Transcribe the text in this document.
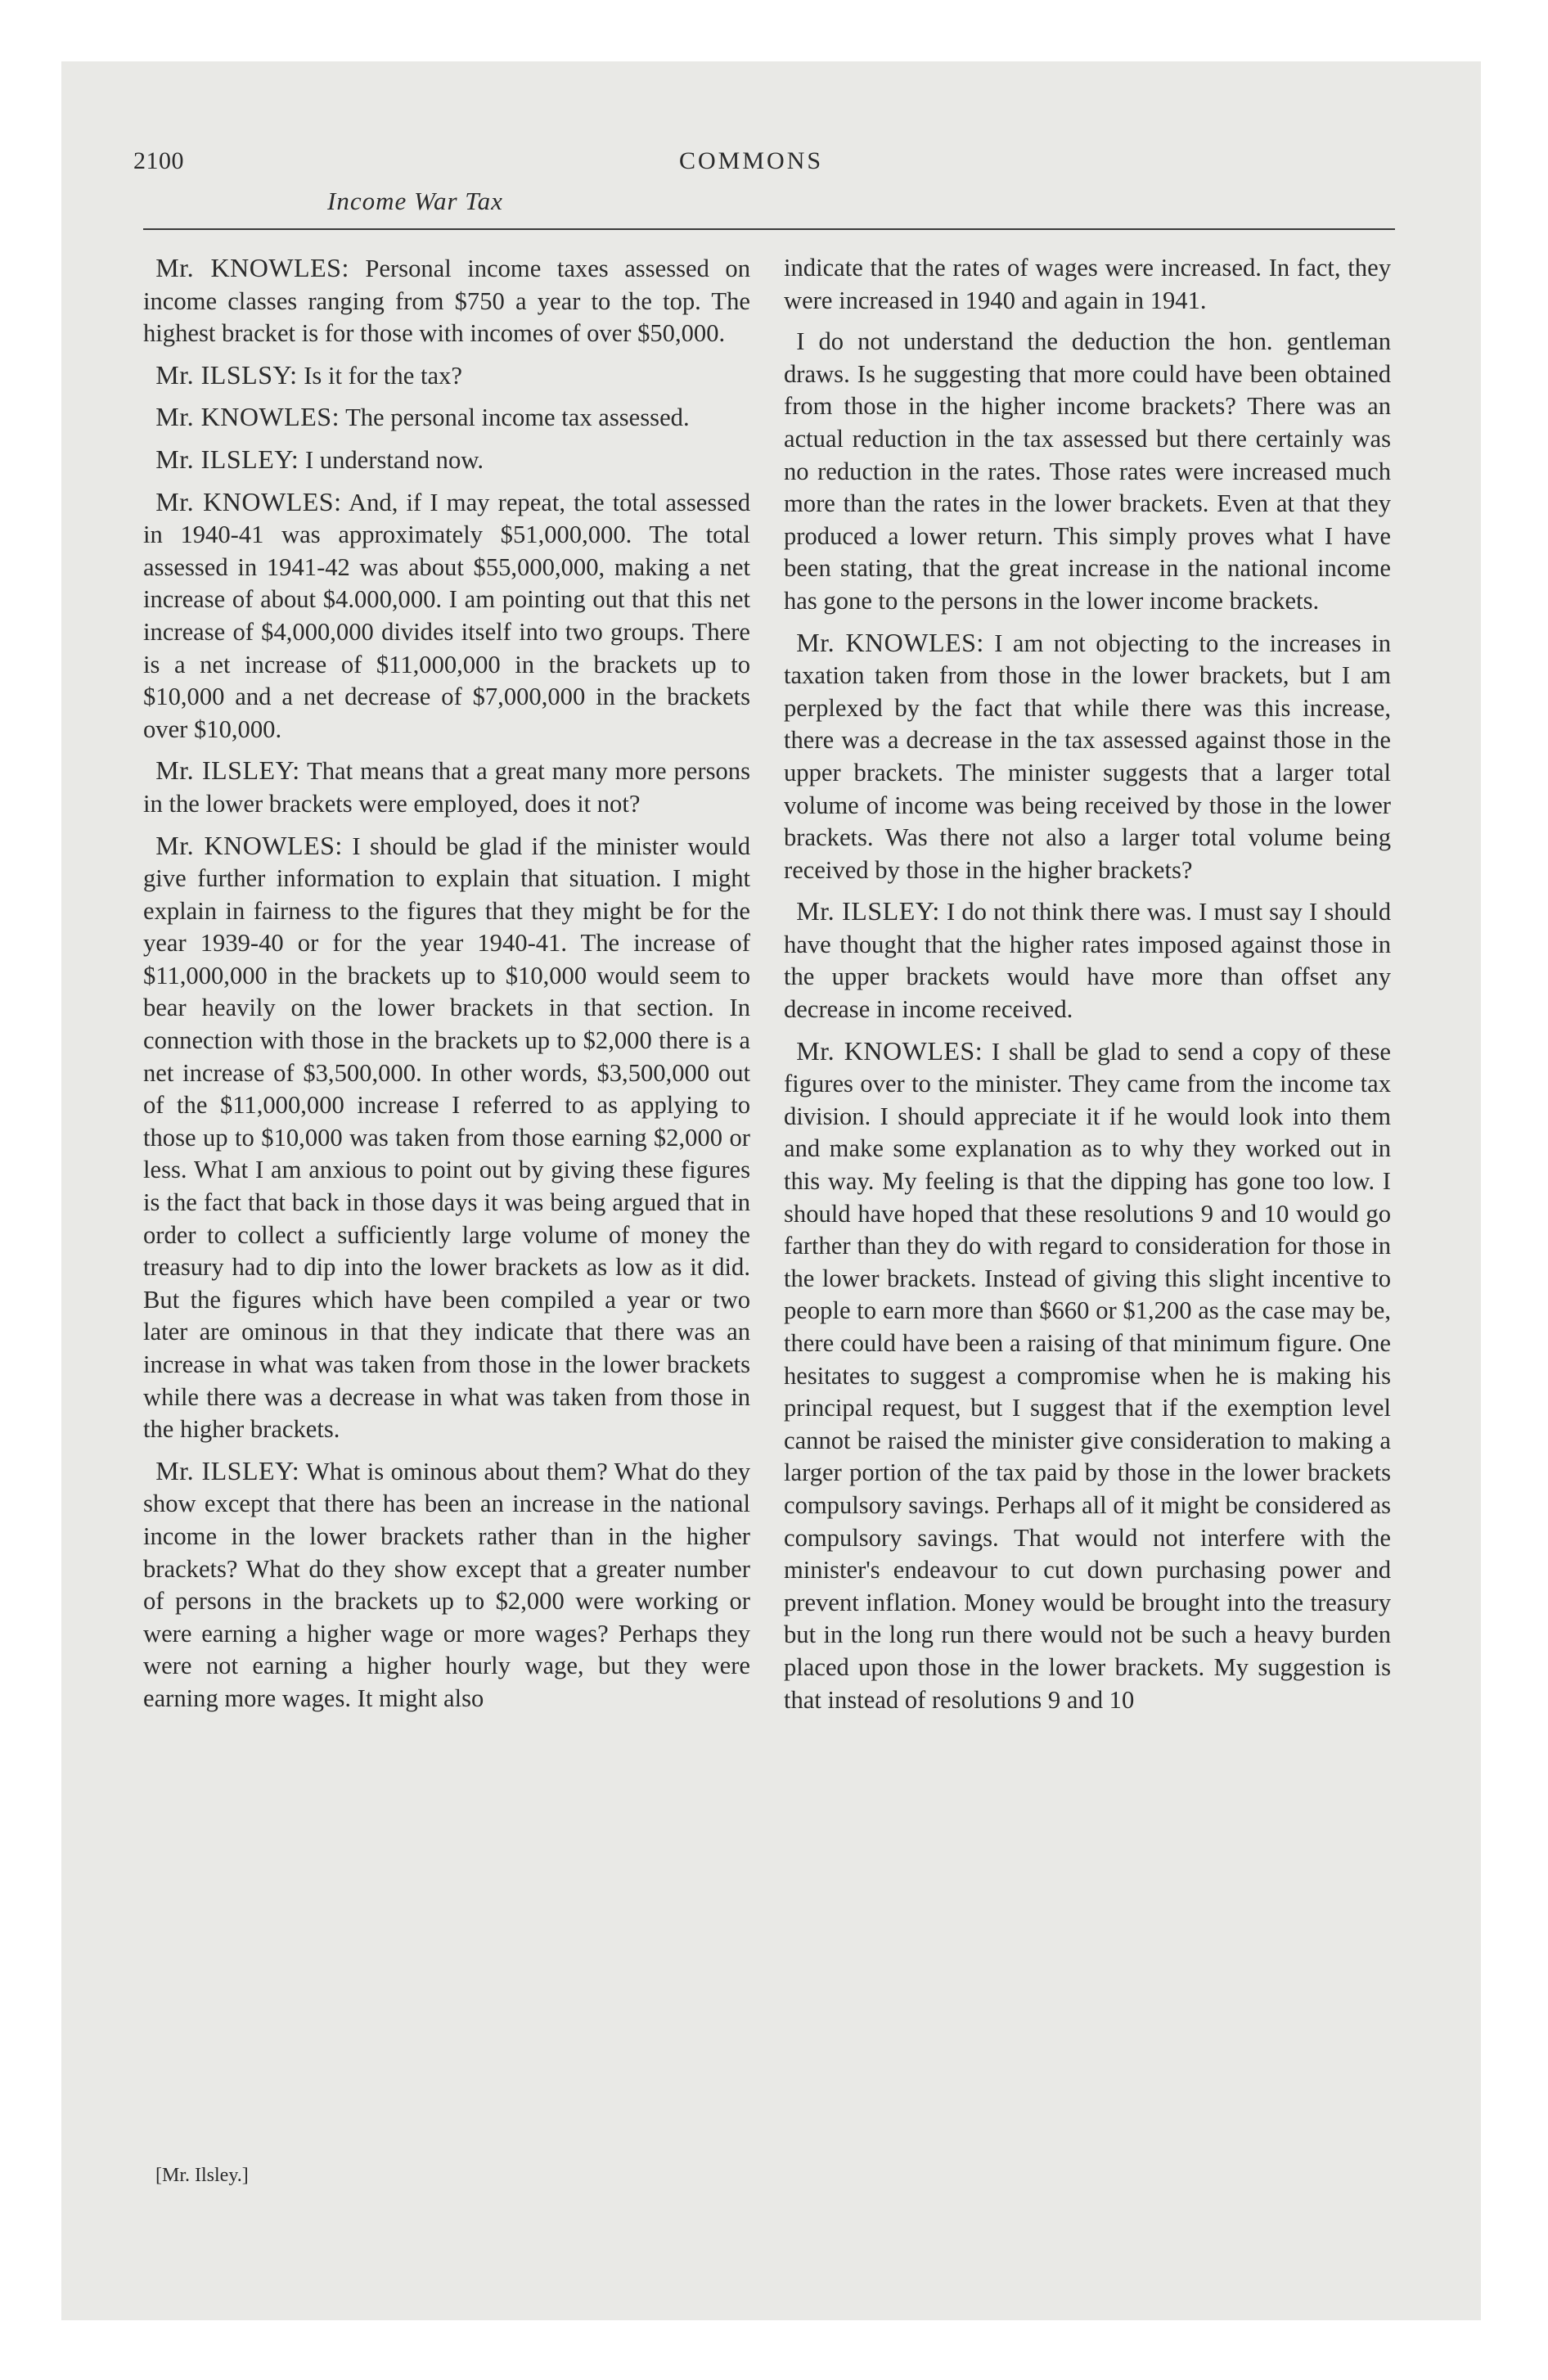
2100	COMMONS
Income War Tax

Mr. KNOWLES: Personal income taxes assessed on income classes ranging from $750 a year to the top. The highest bracket is for those with incomes of over $50,000.

Mr. ILSLSY: Is it for the tax?

Mr. KNOWLES: The personal income tax assessed.

Mr. ILSLEY: I understand now.

Mr. KNOWLES: And, if I may repeat, the total assessed in 1940-41 was approximately $51,000,000. The total assessed in 1941-42 was about $55,000,000, making a net increase of about $4.000,000. I am pointing out that this net increase of $4,000,000 divides itself into two groups. There is a net increase of $11,000,000 in the brackets up to $10,000 and a net decrease of $7,000,000 in the brackets over $10,000.

Mr. ILSLEY: That means that a great many more persons in the lower brackets were employed, does it not?

Mr. KNOWLES: I should be glad if the minister would give further information to explain that situation. I might explain in fairness to the figures that they might be for the year 1939-40 or for the year 1940-41. The increase of $11,000,000 in the brackets up to $10,000 would seem to bear heavily on the lower brackets in that section. In connection with those in the brackets up to $2,000 there is a net increase of $3,500,000. In other words, $3,500,000 out of the $11,000,000 increase I referred to as applying to those up to $10,000 was taken from those earning $2,000 or less. What I am anxious to point out by giving these figures is the fact that back in those days it was being argued that in order to collect a sufficiently large volume of money the treasury had to dip into the lower brackets as low as it did. But the figures which have been compiled a year or two later are ominous in that they indicate that there was an increase in what was taken from those in the lower brackets while there was a decrease in what was taken from those in the higher brackets.

Mr. ILSLEY: What is ominous about them? What do they show except that there has been an increase in the national income in the lower brackets rather than in the higher brackets? What do they show except that a greater number of persons in the brackets up to $2,000 were working or were earning a higher wage or more wages? Perhaps they were not earning a higher hourly wage, but they were earning more wages. It might also

indicate that the rates of wages were increased. In fact, they were increased in 1940 and again in 1941.

I do not understand the deduction the hon. gentleman draws. Is he suggesting that more could have been obtained from those in the higher income brackets? There was an actual reduction in the tax assessed but there certainly was no reduction in the rates. Those rates were increased much more than the rates in the lower brackets. Even at that they produced a lower return. This simply proves what I have been stating, that the great increase in the national income has gone to the persons in the lower income brackets.

Mr. KNOWLES: I am not objecting to the increases in taxation taken from those in the lower brackets, but I am perplexed by the fact that while there was this increase, there was a decrease in the tax assessed against those in the upper brackets. The minister suggests that a larger total volume of income was being received by those in the lower brackets. Was there not also a larger total volume being received by those in the higher brackets?

Mr. ILSLEY: I do not think there was. I must say I should have thought that the higher rates imposed against those in the upper brackets would have more than offset any decrease in income received.

Mr. KNOWLES: I shall be glad to send a copy of these figures over to the minister. They came from the income tax division. I should appreciate it if he would look into them and make some explanation as to why they worked out in this way. My feeling is that the dipping has gone too low. I should have hoped that these resolutions 9 and 10 would go farther than they do with regard to consideration for those in the lower brackets. Instead of giving this slight incentive to people to earn more than $660 or $1,200 as the case may be, there could have been a raising of that minimum figure. One hesitates to suggest a compromise when he is making his principal request, but I suggest that if the exemption level cannot be raised the minister give consideration to making a larger portion of the tax paid by those in the lower brackets compulsory savings. Perhaps all of it might be considered as compulsory savings. That would not interfere with the minister's endeavour to cut down purchasing power and prevent inflation. Money would be brought into the treasury but in the long run there would not be such a heavy burden placed upon those in the lower brackets. My suggestion is that instead of resolutions 9 and 10

[Mr. Ilsley.]
